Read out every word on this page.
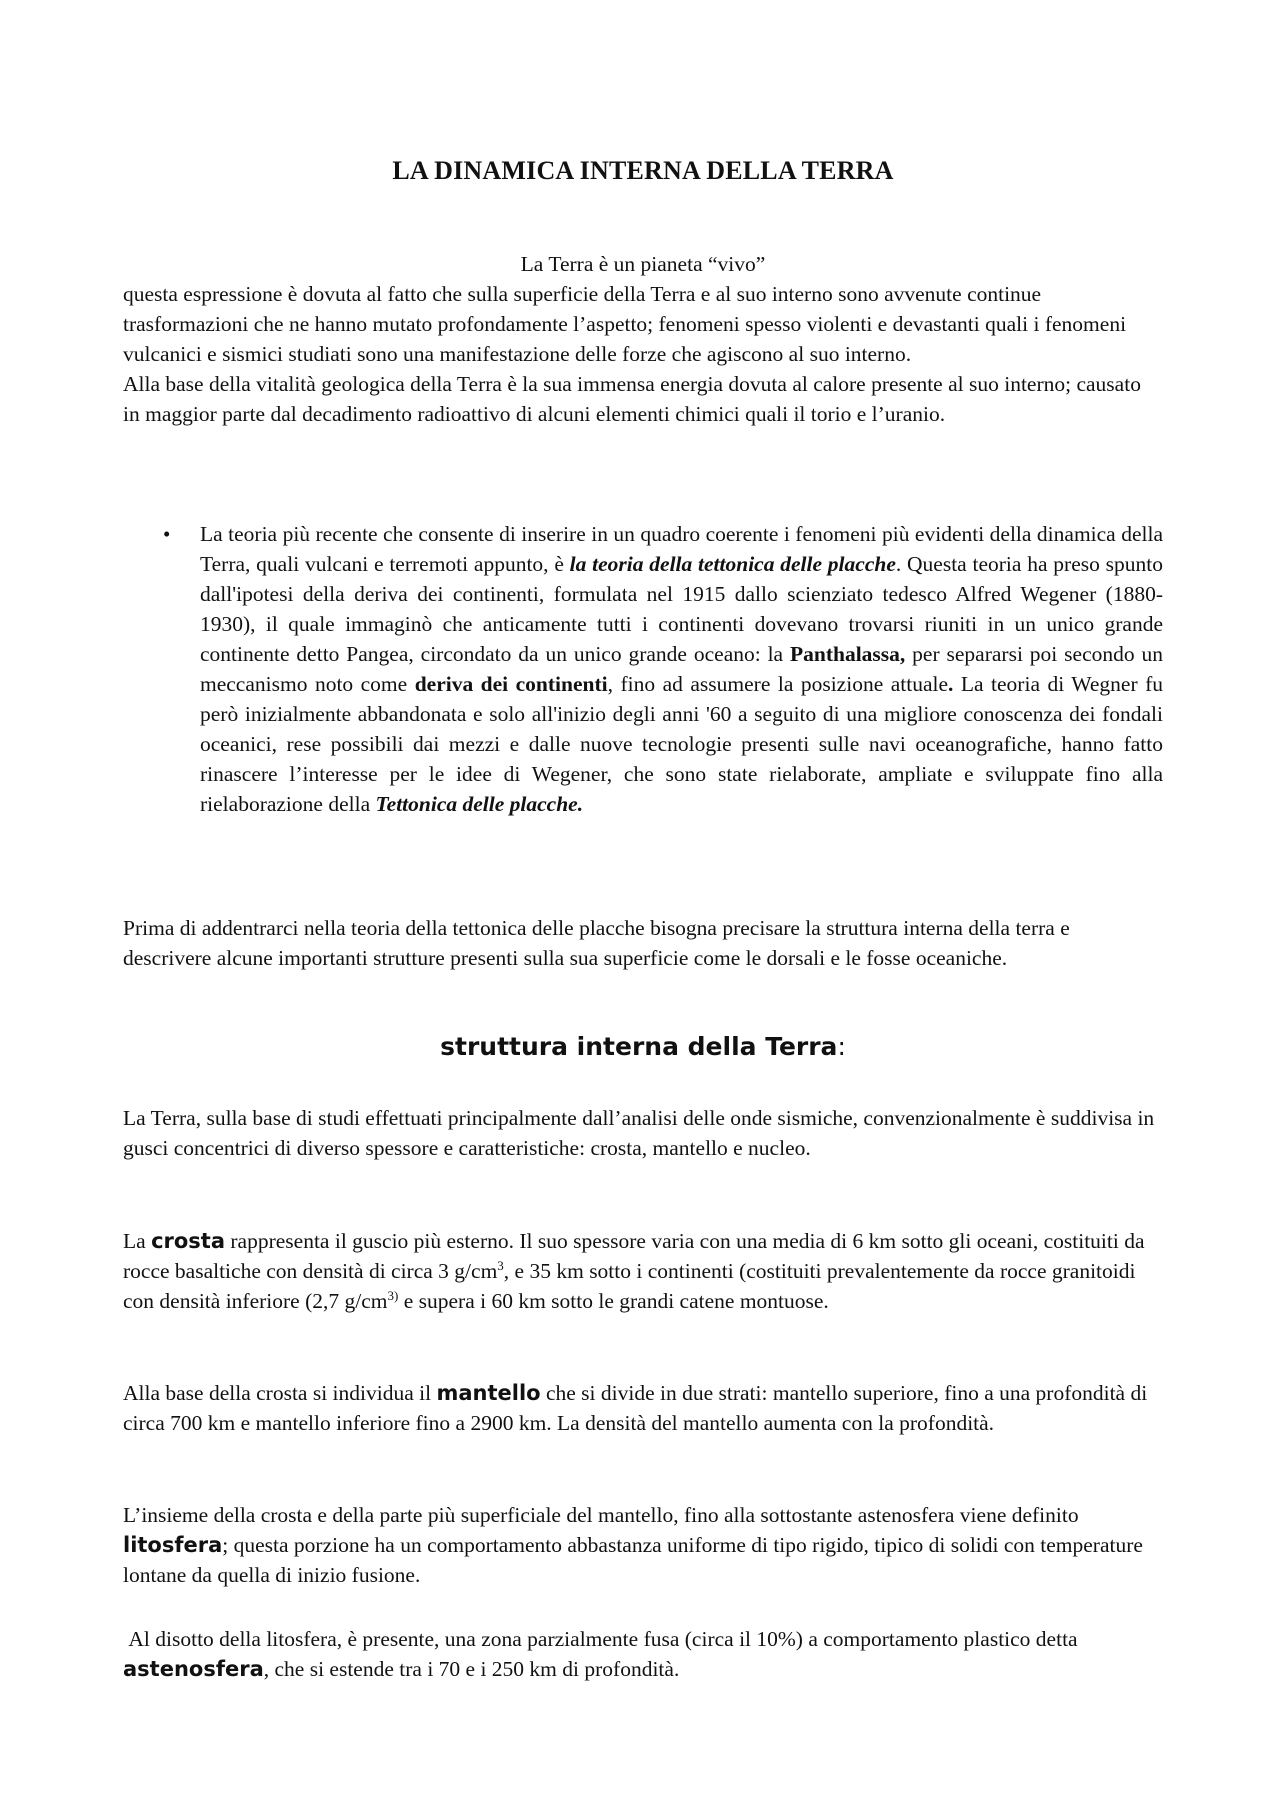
LA DINAMICA INTERNA DELLA TERRA

La Terra è un pianeta “vivo”

questa espressione è dovuta al fatto che sulla superficie della Terra e al suo interno sono avvenute continue trasformazioni che ne hanno mutato profondamente l’aspetto; fenomeni spesso violenti e devastanti quali i fenomeni vulcanici e sismici studiati sono una manifestazione delle forze che agiscono al suo interno.

Alla base della vitalità geologica della Terra è la sua immensa energia dovuta al calore presente al suo interno; causato in maggior parte dal decadimento radioattivo di alcuni elementi chimici quali il torio e l’uranio.

• La teoria più recente che consente di inserire in un quadro coerente i fenomeni più evidenti della dinamica della Terra, quali vulcani e terremoti appunto, è la teoria della tettonica delle placche. Questa teoria ha preso spunto dall'ipotesi della deriva dei continenti, formulata nel 1915 dallo scienziato tedesco Alfred Wegener (1880-1930), il quale immaginò che anticamente tutti i continenti dovevano trovarsi riuniti in un unico grande continente detto Pangea, circondato da un unico grande oceano: la Panthalassa, per separarsi poi secondo un meccanismo noto come deriva dei continenti, fino ad assumere la posizione attuale. La teoria di Wegner fu però inizialmente abbandonata e solo all'inizio degli anni '60 a seguito di una migliore conoscenza dei fondali oceanici, rese possibili dai mezzi e dalle nuove tecnologie presenti sulle navi oceanografiche, hanno fatto rinascere l’interesse per le idee di Wegener, che sono state rielaborate, ampliate e sviluppate fino alla rielaborazione della Tettonica delle placche.

Prima di addentrarci nella teoria della tettonica delle placche bisogna precisare la struttura interna della terra e descrivere alcune importanti strutture presenti sulla sua superficie come le dorsali e le fosse oceaniche.

struttura interna della Terra:

La Terra, sulla base di studi effettuati principalmente dall’analisi delle onde sismiche, convenzionalmente è suddivisa in gusci concentrici di diverso spessore e caratteristiche: crosta, mantello e nucleo.

La crosta rappresenta il guscio più esterno. Il suo spessore varia con una media di 6 km sotto gli oceani, costituiti da rocce basaltiche con densità di circa 3 $g/cm^3$, e 35 km sotto i continenti (costituiti prevalentemente da rocce granitoidi con densità inferiore (2,7 $g/cm^{3)}$ e supera i 60 km sotto le grandi catene montuose.

Alla base della crosta si individua il mantello che si divide in due strati: mantello superiore, fino a una profondità di circa 700 km e mantello inferiore fino a 2900 km. La densità del mantello aumenta con la profondità.

L’insieme della crosta e della parte più superficiale del mantello, fino alla sottostante astenosfera viene definito litosfera; questa porzione ha un comportamento abbastanza uniforme di tipo rigido, tipico di solidi con temperature lontane da quella di inizio fusione.

Al disotto della litosfera, è presente, una zona parzialmente fusa (circa il 10%) a comportamento plastico detta astenosfera, che si estende tra i 70 e i 250 km di profondità.
